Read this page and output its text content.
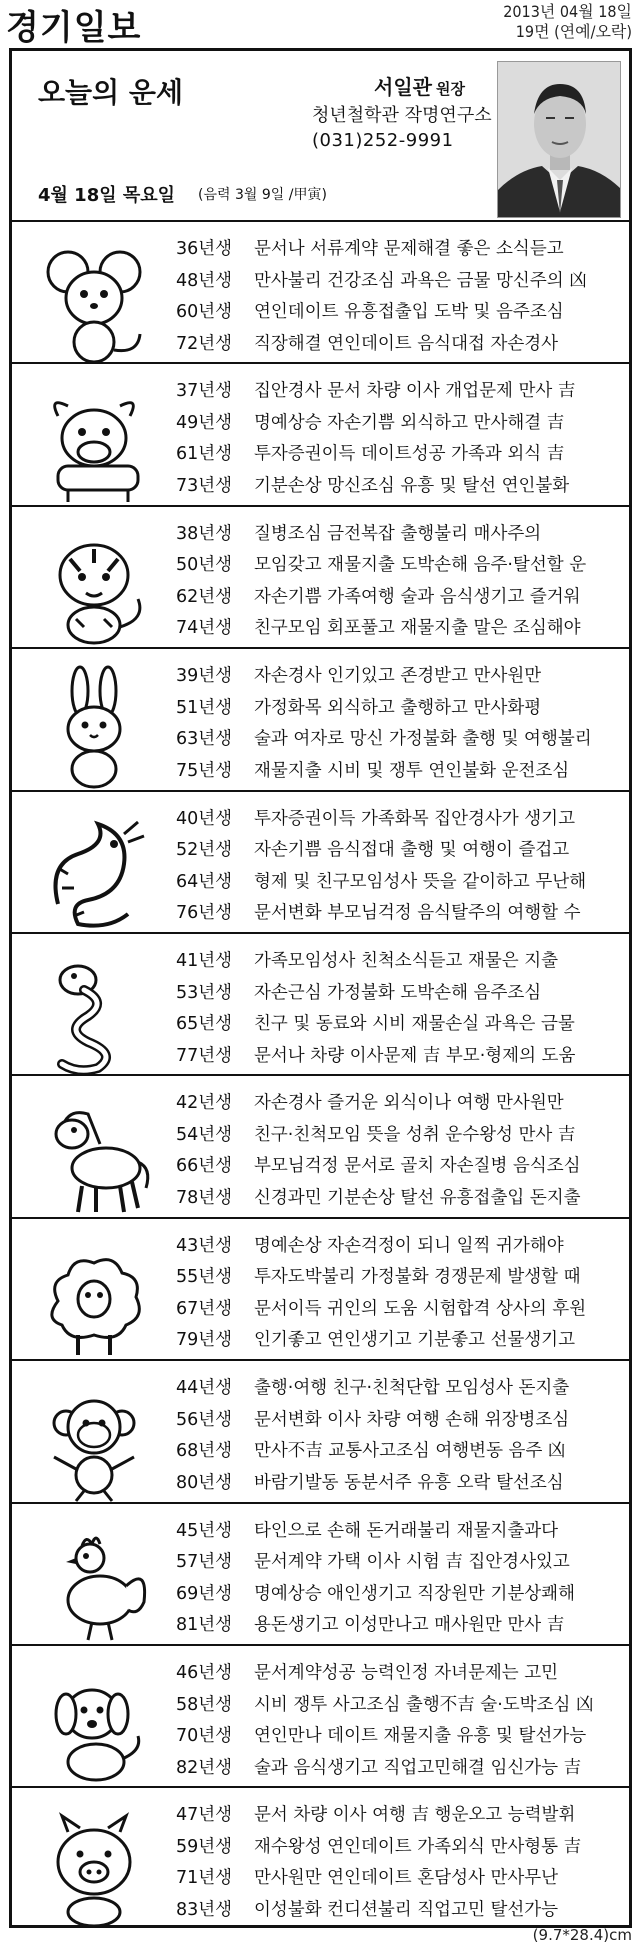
경기일보	2013년 04월 18일
19면 (연예/오락)
오늘의 운세	서일관 원장
청년철학관 작명연구소
(031)252-9991
4월 18일 목요일 (음력 3월 9일 /甲寅)
36년생 문서나 서류계약 문제해결 좋은 소식듣고
48년생 만사불리 건강조심 과욕은 금물 망신주의 凶
60년생 연인데이트 유흥접출입 도박 및 음주조심
72년생 직장해결 연인데이트 음식대접 자손경사
37년생 집안경사 문서 차량 이사 개업문제 만사 吉
49년생 명예상승 자손기쁨 외식하고 만사해결 吉
61년생 투자증권이득 데이트성공 가족과 외식 吉
73년생 기분손상 망신조심 유흥 및 탈선 연인불화
38년생 질병조심 금전복잡 출행불리 매사주의
50년생 모임갖고 재물지출 도박손해 음주·탈선할 운
62년생 자손기쁨 가족여행 술과 음식생기고 즐거워
74년생 친구모임 회포풀고 재물지출 말은 조심해야
39년생 자손경사 인기있고 존경받고 만사원만
51년생 가정화목 외식하고 출행하고 만사화평
63년생 술과 여자로 망신 가정불화 출행 및 여행불리
75년생 재물지출 시비 및 쟁투 연인불화 운전조심
40년생 투자증권이득 가족화목 집안경사가 생기고
52년생 자손기쁨 음식접대 출행 및 여행이 즐겁고
64년생 형제 및 친구모임성사 뜻을 같이하고 무난해
76년생 문서변화 부모님걱정 음식탈주의 여행할 수
41년생 가족모임성사 친척소식듣고 재물은 지출
53년생 자손근심 가정불화 도박손해 음주조심
65년생 친구 및 동료와 시비 재물손실 과욕은 금물
77년생 문서나 차량 이사문제 吉 부모·형제의 도움
42년생 자손경사 즐거운 외식이나 여행 만사원만
54년생 친구·친척모임 뜻을 성취 운수왕성 만사 吉
66년생 부모님걱정 문서로 골치 자손질병 음식조심
78년생 신경과민 기분손상 탈선 유흥접출입 돈지출
43년생 명예손상 자손걱정이 되니 일찍 귀가해야
55년생 투자도박불리 가정불화 경쟁문제 발생할 때
67년생 문서이득 귀인의 도움 시험합격 상사의 후원
79년생 인기좋고 연인생기고 기분좋고 선물생기고
44년생 출행·여행 친구·친척단합 모임성사 돈지출
56년생 문서변화 이사 차량 여행 손해 위장병조심
68년생 만사不吉 교통사고조심 여행변동 음주 凶
80년생 바람기발동 동분서주 유흥 오락 탈선조심
45년생 타인으로 손해 돈거래불리 재물지출과다
57년생 문서계약 가택 이사 시험 吉 집안경사있고
69년생 명예상승 애인생기고 직장원만 기분상쾌해
81년생 용돈생기고 이성만나고 매사원만 만사 吉
46년생 문서계약성공 능력인정 자녀문제는 고민
58년생 시비 쟁투 사고조심 출행不吉 술·도박조심 凶
70년생 연인만나 데이트 재물지출 유흥 및 탈선가능
82년생 술과 음식생기고 직업고민해결 임신가능 吉
47년생 문서 차량 이사 여행 吉 행운오고 능력발휘
59년생 재수왕성 연인데이트 가족외식 만사형통 吉
71년생 만사원만 연인데이트 혼담성사 만사무난
83년생 이성불화 컨디션불리 직업고민 탈선가능
(9.7*28.4)cm
